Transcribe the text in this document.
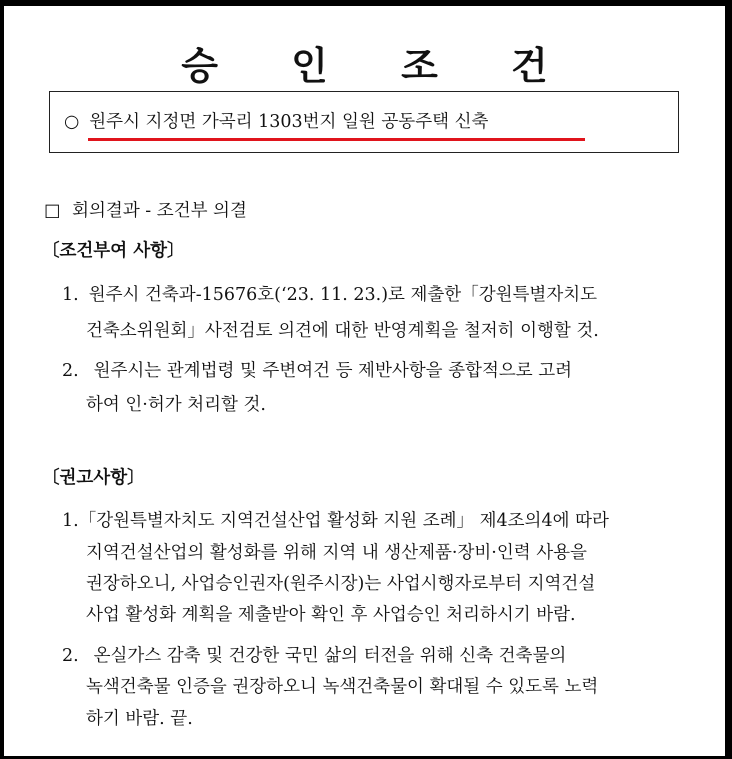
승 인 조 건
○ 원주시 지정면 가곡리 1303번지 일원 공동주택 신축
□ 회의결과 - 조건부 의결
〔조건부여 사항〕
1. 원주시 건축과-15676호(‘23. 11. 23.)로 제출한「강원특별자치도
건축소위원회」사전검토 의견에 대한 반영계획을 철저히 이행할 것.
2. 원주시는 관계법령 및 주변여건 등 제반사항을 종합적으로 고려
하여 인·허가 처리할 것.
〔권고사항〕
1.「강원특별자치도 지역건설산업 활성화 지원 조례」 제4조의4에 따라
지역건설산업의 활성화를 위해 지역 내 생산제품·장비·인력 사용을
권장하오니, 사업승인권자(원주시장)는 사업시행자로부터 지역건설
사업 활성화 계획을 제출받아 확인 후 사업승인 처리하시기 바람.
2. 온실가스 감축 및 건강한 국민 삶의 터전을 위해 신축 건축물의
녹색건축물 인증을 권장하오니 녹색건축물이 확대될 수 있도록 노력
하기 바람. 끝.
